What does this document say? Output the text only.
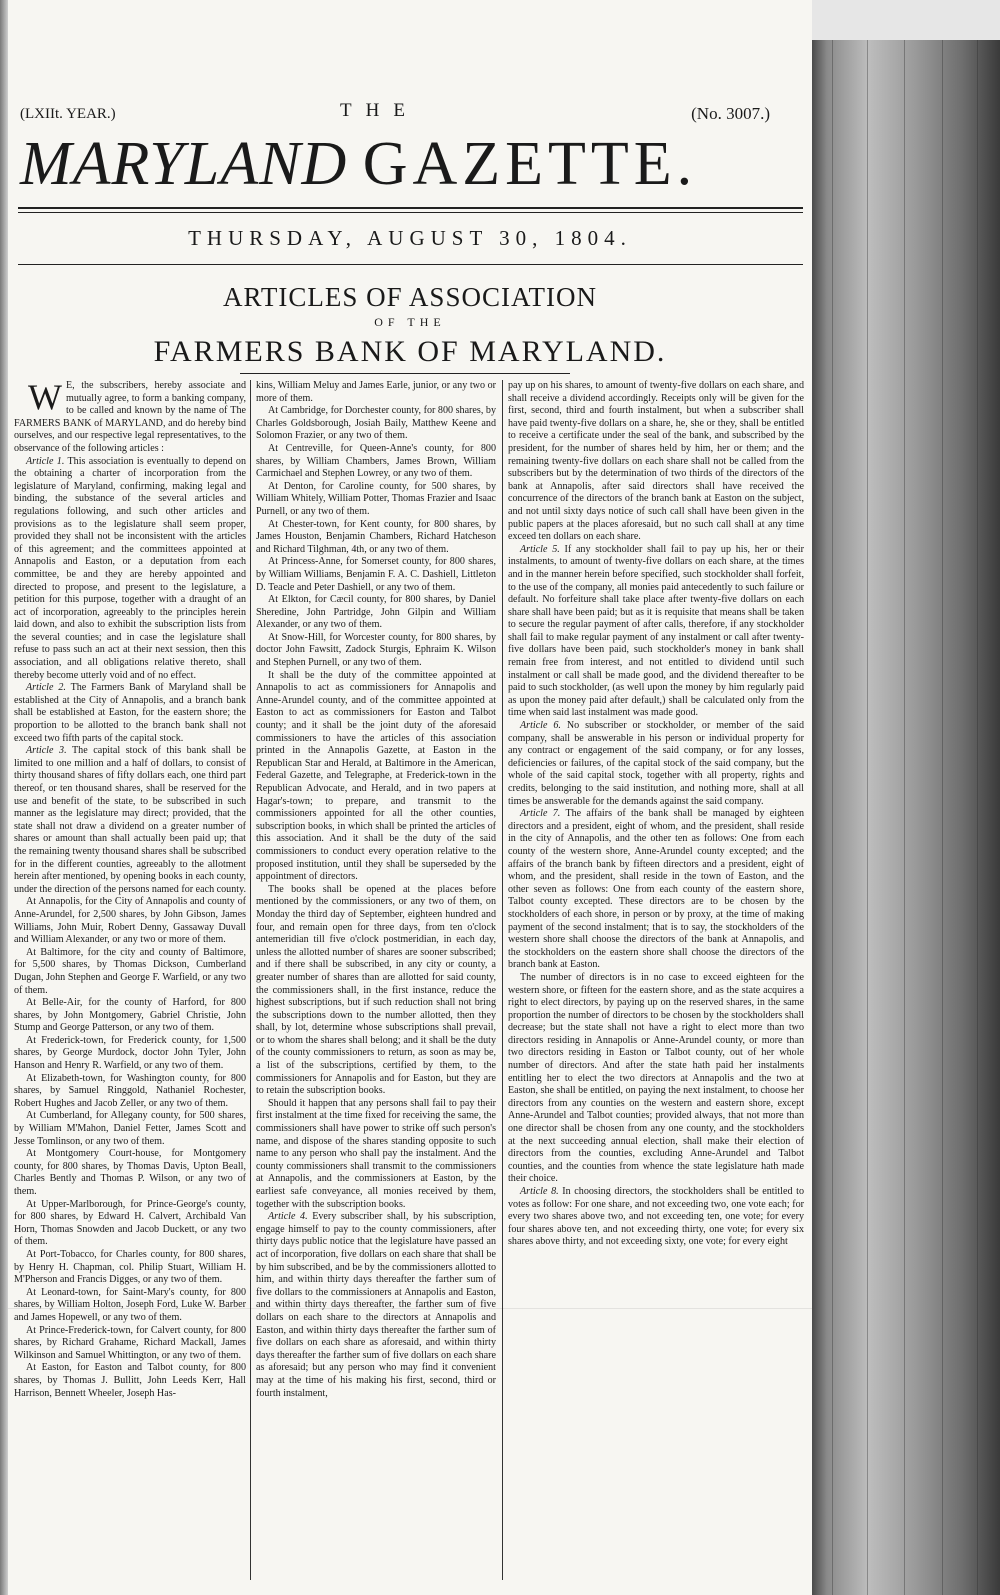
(LXIIt. YEAR.)	THE	(No. 3007.)
MARYLAND GAZETTE.
THURSDAY, AUGUST 30, 1804.
ARTICLES OF ASSOCIATION
OF THE
FARMERS BANK OF MARYLAND.

W E, the subscribers, hereby associate and mutually agree, to form a banking company, to be called and known by the name of The FARMERS BANK of MARYLAND, and do hereby bind ourselves, and our respective legal representatives, to the observance of the following articles :

Article 1. This association is eventually to depend on the obtaining a charter of incorporation from the legislature of Maryland, confirming, making legal and binding, the substance of the several articles and regulations following, and such other articles and provisions as to the legislature shall seem proper, provided they shall not be inconsistent with the articles of this agreement; and the committees appointed at Annapolis and Easton, or a deputation from each committee, be and they are hereby appointed and directed to propose, and present to the legislature, a petition for this purpose, together with a draught of an act of incorporation, agreeably to the principles herein laid down, and also to exhibit the subscription lists from the several counties; and in case the legislature shall refuse to pass such an act at their next session, then this association, and all obligations relative thereto, shall thereby become utterly void and of no effect.

Article 2. The Farmers Bank of Maryland shall be established at the City of Annapolis, and a branch bank shall be established at Easton, for the eastern shore; the proportion to be allotted to the branch bank shall not exceed two fifth parts of the capital stock.

Article 3. The capital stock of this bank shall be limited to one million and a half of dollars, to consist of thirty thousand shares of fifty dollars each, one third part thereof, or ten thousand shares, shall be reserved for the use and benefit of the state, to be subscribed in such manner as the legislature may direct; provided, that the state shall not draw a dividend on a greater number of shares or amount than shall actually been paid up; that the remaining twenty thousand shares shall be subscribed for in the different counties, agreeably to the allotment herein after mentioned, by opening books in each county, under the direction of the persons named for each county.

At Annapolis, for the City of Annapolis and county of Anne-Arundel, for 2,500 shares, by John Gibson, James Williams, John Muir, Robert Denny, Gassaway Duvall and William Alexander, or any two or more of them.

At Baltimore, for the city and county of Baltimore, for 5,500 shares, by Thomas Dickson, Cumberland Dugan, John Stephen and George F. Warfield, or any two of them.

At Belle-Air, for the county of Harford, for 800 shares, by John Montgomery, Gabriel Christie, John Stump and George Patterson, or any two of them.

At Frederick-town, for Frederick county, for 1,500 shares, by George Murdock, doctor John Tyler, John Hanson and Henry R. Warfield, or any two of them.

At Elizabeth-town, for Washington county, for 800 shares, by Samuel Ringgold, Nathaniel Rochester, Robert Hughes and Jacob Zeller, or any two of them.

At Cumberland, for Allegany county, for 500 shares, by William M'Mahon, Daniel Fetter, James Scott and Jesse Tomlinson, or any two of them.

At Montgomery Court-house, for Montgomery county, for 800 shares, by Thomas Davis, Upton Beall, Charles Bently and Thomas P. Wilson, or any two of them.

At Upper-Marlborough, for Prince-George's county, for 800 shares, by Edward H. Calvert, Archibald Van Horn, Thomas Snowden and Jacob Duckett, or any two of them.

At Port-Tobacco, for Charles county, for 800 shares, by Henry H. Chapman, col. Philip Stuart, William H. M'Pherson and Francis Digges, or any two of them.

At Leonard-town, for Saint-Mary's county, for 800 shares, by William Holton, Joseph Ford, Luke W. Barber and James Hopewell, or any two of them.

At Prince-Frederick-town, for Calvert county, for 800 shares, by Richard Grahame, Richard Mackall, James Wilkinson and Samuel Whittington, or any two of them.

At Easton, for Easton and Talbot county, for 800 shares, by Thomas J. Bullitt, John Leeds Kerr, Hall Harrison, Bennett Wheeler, Joseph Has-

kins, William Meluy and James Earle, junior, or any two or more of them.

At Cambridge, for Dorchester county, for 800 shares, by Charles Goldsborough, Josiah Baily, Matthew Keene and Solomon Frazier, or any two of them.

At Centreville, for Queen-Anne's county, for 800 shares, by William Chambers, James Brown, William Carmichael and Stephen Lowrey, or any two of them.

At Denton, for Caroline county, for 500 shares, by William Whitely, William Potter, Thomas Frazier and Isaac Purnell, or any two of them.

At Chester-town, for Kent county, for 800 shares, by James Houston, Benjamin Chambers, Richard Hatcheson and Richard Tilghman, 4th, or any two of them.

At Princess-Anne, for Somerset county, for 800 shares, by William Williams, Benjamin F. A. C. Dashiell, Littleton D. Teacle and Peter Dashiell, or any two of them.

At Elkton, for Cæcil county, for 800 shares, by Daniel Sheredine, John Partridge, John Gilpin and William Alexander, or any two of them.

At Snow-Hill, for Worcester county, for 800 shares, by doctor John Fawsitt, Zadock Sturgis, Ephraim K. Wilson and Stephen Purnell, or any two of them.

It shall be the duty of the committee appointed at Annapolis to act as commissioners for Annapolis and Anne-Arundel county, and of the committee appointed at Easton to act as commissioners for Easton and Talbot county; and it shall be the joint duty of the aforesaid commissioners to have the articles of this association printed in the Annapolis Gazette, at Easton in the Republican Star and Herald, at Baltimore in the American, Federal Gazette, and Telegraphe, at Frederick-town in the Republican Advocate, and Herald, and in two papers at Hagar's-town; to prepare, and transmit to the commissioners appointed for all the other counties, subscription books, in which shall be printed the articles of this association. And it shall be the duty of the said commissioners to conduct every operation relative to the proposed institution, until they shall be superseded by the appointment of directors.

The books shall be opened at the places before mentioned by the commissioners, or any two of them, on Monday the third day of September, eighteen hundred and four, and remain open for three days, from ten o'clock antemeridian till five o'clock postmeridian, in each day, unless the allotted number of shares are sooner subscribed; and if there shall be subscribed, in any city or county, a greater number of shares than are allotted for said county, the commissioners shall, in the first instance, reduce the highest subscriptions, but if such reduction shall not bring the subscriptions down to the number allotted, then they shall, by lot, determine whose subscriptions shall prevail, or to whom the shares shall belong; and it shall be the duty of the county commissioners to return, as soon as may be, a list of the subscriptions, certified by them, to the commissioners for Annapolis and for Easton, but they are to retain the subscription books.

Should it happen that any persons shall fail to pay their first instalment at the time fixed for receiving the same, the commissioners shall have power to strike off such person's name, and dispose of the shares standing opposite to such name to any person who shall pay the instalment. And the county commissioners shall transmit to the commissioners at Annapolis, and the commissioners at Easton, by the earliest safe conveyance, all monies received by them, together with the subscription books.

Article 4. Every subscriber shall, by his subscription, engage himself to pay to the county commissioners, after thirty days public notice that the legislature have passed an act of incorporation, five dollars on each share that shall be by him subscribed, and be by the commissioners allotted to him, and within thirty days thereafter the farther sum of five dollars to the commissioners at Annapolis and Easton, and within thirty days thereafter, the farther sum of five dollars on each share to the directors at Annapolis and Easton, and within thirty days thereafter the farther sum of five dollars on each share as aforesaid, and within thirty days thereafter the farther sum of five dollars on each share as aforesaid; but any person who may find it convenient may at the time of his making his first, second, third or fourth instalment,

pay up on his shares, to amount of twenty-five dollars on each share, and shall receive a dividend accordingly. Receipts only will be given for the first, second, third and fourth instalment, but when a subscriber shall have paid twenty-five dollars on a share, he, she or they, shall be entitled to receive a certificate under the seal of the bank, and subscribed by the president, for the number of shares held by him, her or them; and the remaining twenty-five dollars on each share shall not be called from the subscribers but by the determination of two thirds of the directors of the bank at Annapolis, after said directors shall have received the concurrence of the directors of the branch bank at Easton on the subject, and not until sixty days notice of such call shall have been given in the public papers at the places aforesaid, but no such call shall at any time exceed ten dollars on each share.

Article 5. If any stockholder shall fail to pay up his, her or their instalments, to amount of twenty-five dollars on each share, at the times and in the manner herein before specified, such stockholder shall forfeit, to the use of the company, all monies paid antecedently to such failure or default. No forfeiture shall take place after twenty-five dollars on each share shall have been paid; but as it is requisite that means shall be taken to secure the regular payment of after calls, therefore, if any stockholder shall fail to make regular payment of any instalment or call after twenty-five dollars have been paid, such stockholder's money in bank shall remain free from interest, and not entitled to dividend until such instalment or call shall be made good, and the dividend thereafter to be paid to such stockholder, (as well upon the money by him regularly paid as upon the money paid after default,) shall be calculated only from the time when said last instalment was made good.

Article 6. No subscriber or stockholder, or member of the said company, shall be answerable in his person or individual property for any contract or engagement of the said company, or for any losses, deficiencies or failures, of the capital stock of the said company, but the whole of the said capital stock, together with all property, rights and credits, belonging to the said institution, and nothing more, shall at all times be answerable for the demands against the said company.

Article 7. The affairs of the bank shall be managed by eighteen directors and a president, eight of whom, and the president, shall reside in the city of Annapolis, and the other ten as follows: One from each county of the western shore, Anne-Arundel county excepted; and the affairs of the branch bank by fifteen directors and a president, eight of whom, and the president, shall reside in the town of Easton, and the other seven as follows: One from each county of the eastern shore, Talbot county excepted. These directors are to be chosen by the stockholders of each shore, in person or by proxy, at the time of making payment of the second instalment; that is to say, the stockholders of the western shore shall choose the directors of the bank at Annapolis, and the stockholders on the eastern shore shall choose the directors of the branch bank at Easton.

The number of directors is in no case to exceed eighteen for the western shore, or fifteen for the eastern shore, and as the state acquires a right to elect directors, by paying up on the reserved shares, in the same proportion the number of directors to be chosen by the stockholders shall decrease; but the state shall not have a right to elect more than two directors residing in Annapolis or Anne-Arundel county, or more than two directors residing in Easton or Talbot county, out of her whole number of directors. And after the state hath paid her instalments entitling her to elect the two directors at Annapolis and the two at Easton, she shall be entitled, on paying the next instalment, to choose her directors from any counties on the western and eastern shore, except Anne-Arundel and Talbot counties; provided always, that not more than one director shall be chosen from any one county, and the stockholders at the next succeeding annual election, shall make their election of directors from the counties, excluding Anne-Arundel and Talbot counties, and the counties from whence the state legislature hath made their choice.

Article 8. In choosing directors, the stockholders shall be entitled to votes as follow: For one share, and not exceeding two, one vote each; for every two shares above two, and not exceeding ten, one vote; for every four shares above ten, and not exceeding thirty, one vote; for every six shares above thirty, and not exceeding sixty, one vote; for every eight
